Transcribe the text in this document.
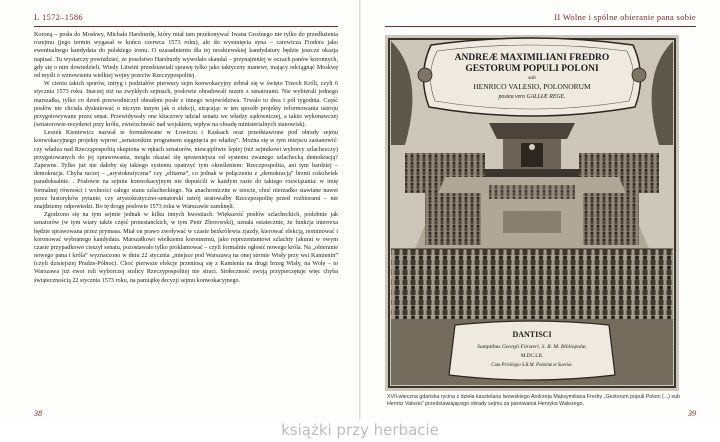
I. 1572–1586

Koroną – posła do Moskwy, Michała Harsburdę, który miał tam przekonywać Iwana Groźnego nie tylko do przedłużenia rozejmu (jego termin wygasał w końcu czerwca 1573 roku), ale do wysunięcia syna – carewicza Fiodora jako ewentualnego kandydata do polskiego tronu. O uzasadnieniu dla tej moskiewskiej kandydatury będzie jeszcze okazja napisać. Tu wystarczy powiedzieć, że poselstwo Harsburdy wywołało skandal – przynajmniej w oczach panów koronnych, gdy się o nim dowiedzieli. Wiedy Litwini przedstawiali sprawę tylko jako taktyczny manewr, mający odciągnąć Moskwę od myśli o wznowieniu wielkiej wojny przeciw Rzeczypospolitej.

W cieniu takich sporów, intryg i podziałów pierwszy sejm konwokacyjny zebrał się w święto Trzech Króli, czyli 6 stycznia 1573 roku. Inaczej niż na zwykłych sejmach, posłowie obradowali razem z senatorami. Nie wybierali jednego marszałka, tylko co dzień przewodniczył obradom posłe z innego województwa. Trwało to dwa i pół tygodnia. Część posłów nie chciała dyskutować o niczym innym jak o elekcji, utrącając w ten sposób projekty reformowania ustroju przygotowywane przez senat. Przewidywały one kluczowy udział senatu we władzy sądowniczej, a także wykonawczej (senatorowie-rezydenci przy królu, zwierzchność nad wojskiem, wpływ na obsadę ministerialnych stanowisk).

Leszek Kieniewicz nazwał te formułowane w Łowiczu i Kaskach oraz przedstawione pod obrady sejmu konwokacyjnego projekty wprost „senatorskim programem sięgnięcia po władzę”. Można się w tym miejscu zastanowić: czy władza nad Rzecząpospolitą skupiona w rękach senatorów, niewątpliwie lepiej (niż sejmikowi wyborcy szlachecczy) przygotowanych do jej sprawowania, mogła okazać się sprawniejsza od systemu zwanego szlachecką demokracją? Zapewne. Tylko już nie dałoby się takiego systemu opatrzyć tym określeniem: Rzeczpospolita, ani tym bardziej – demokracja. Chyba raczej – „arystokratyczna” czy „elitarna”, co jednak w połączeniu z „demokracją” brzmi cokolwiek paradoksalnie. . Posłowie na sejmie konwokacyjnym nie dopuścili w każdym razie do takiego rozwiązania: w imię formalnej równości i wolności całego stanu szlacheckiego. Na anachroniczne w istocie, choć nierzadko stawiane nawet przez historyków pytanie, czy arystokratyczno-senatorski ustrój uratowałby Rzeczpospolitę przed rozbiorami – nie znajdziemy odpowiedzi. Bo tę drogę posłowie 1573 roku w Warszawie zamknęli.

Zgodzono się na tym sejmie jednak w kilku innych kwestiach. Większość posłów szlacheckich, podobnie jak senatorów (w tym wiary także część protestanckich, w tym Piotr Zborowski), uznała ostatecznie, że funkcja interrexa będzie sprawowana przez prymasa. Miał on prawo zwoływać w czasie bezkrólewia zjazdy, kierować elekcją, nominować i koronować wybranego kandydata. Marszałkowi wielkiemu koronnemu, jako reprezentantowi szlachty (akurat w owym czasie przypadkowo cieszył senatu, pozostawało tylko proklamować – czyli formalnie ogłosić nowego króla. Na „obieranie nowego pana i króla” wyznaczono w dniu 22 stycznia „miejsce pod Warszawą na onej stronie Wisły przy wsi Kamienin” (czyli dzisiejszej Pradze-Północ). Choć pierwsze elekcje przeniosą się z Kamienia na drugi brzeg Wisły, na Wolę – to Warszawa już ewoi roli wyborczej stolicy Rzeczypospolitej nie straci. Stołeczność swoją przypieczętuje więc chyba świątecznością 22 stycznia 1573 roku, na pamiątkę decyzji sejmu konwokacyjnego.

38
II Wolne i spólne obieranie pana sobie
ANDREÆ MAXIMILIANI FREDRO
GESTORUM POPULI POLONI
sub
HENRICO VALESIO, POLONORUM
postea vero GALLIÆ REGE.
DANTISCI
Sumptibus Georgii Försteri, S. R. M. Bibliopolæ,
M.DC.LII.
Cum Privilegio S.R.M. Poloniæ et Sueciæ.
XVII-wieczna gdańska rycina z dzieła kasztelana lwowskiego Andrzeja Maksymiliana Fredry „Gestorum populi Poloni (...) sub Henrici Valesio” przedstawiającego obrady sejmu za panowania Henryka Walezego.
39
książki przy herbacie
